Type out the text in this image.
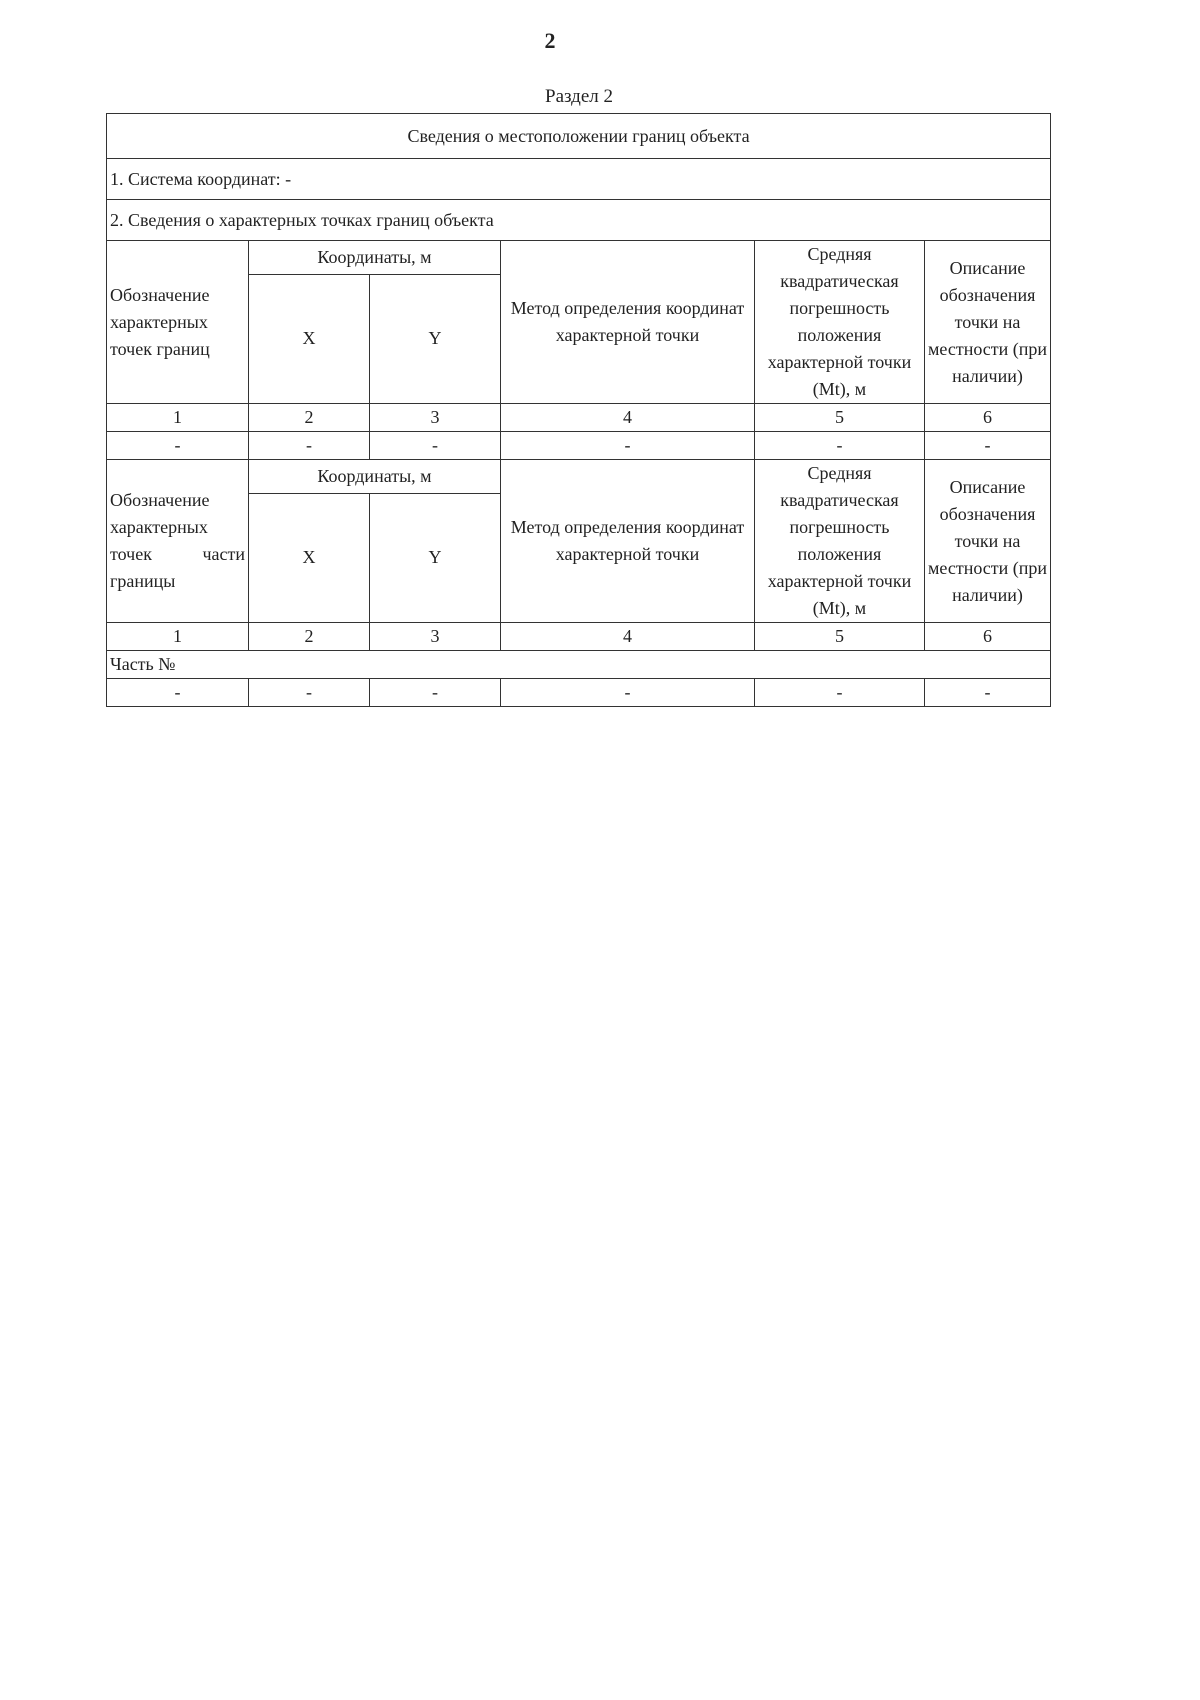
2
Раздел 2
Сведения о местоположении границ объекта					
1. Система координат: -					
2. Сведения о характерных точках границ объекта					
Обозначение характерных точек границ	Координаты, м		Метод определения координат характерной точки	Средняя квадратическая погрешность положения характерной точки (Mt), м	Описание обозначения точки на местности (при наличии)
	X	Y			
1	2	3	4	5	6
-	-	-	-	-	-
Обозначение характерных точек части границы	Координаты, м		Метод определения координат характерной точки	Средняя квадратическая погрешность положения характерной точки (Mt), м	Описание обозначения точки на местности (при наличии)
	X	Y			
1	2	3	4	5	6
Часть №					
-	-	-	-	-	-
